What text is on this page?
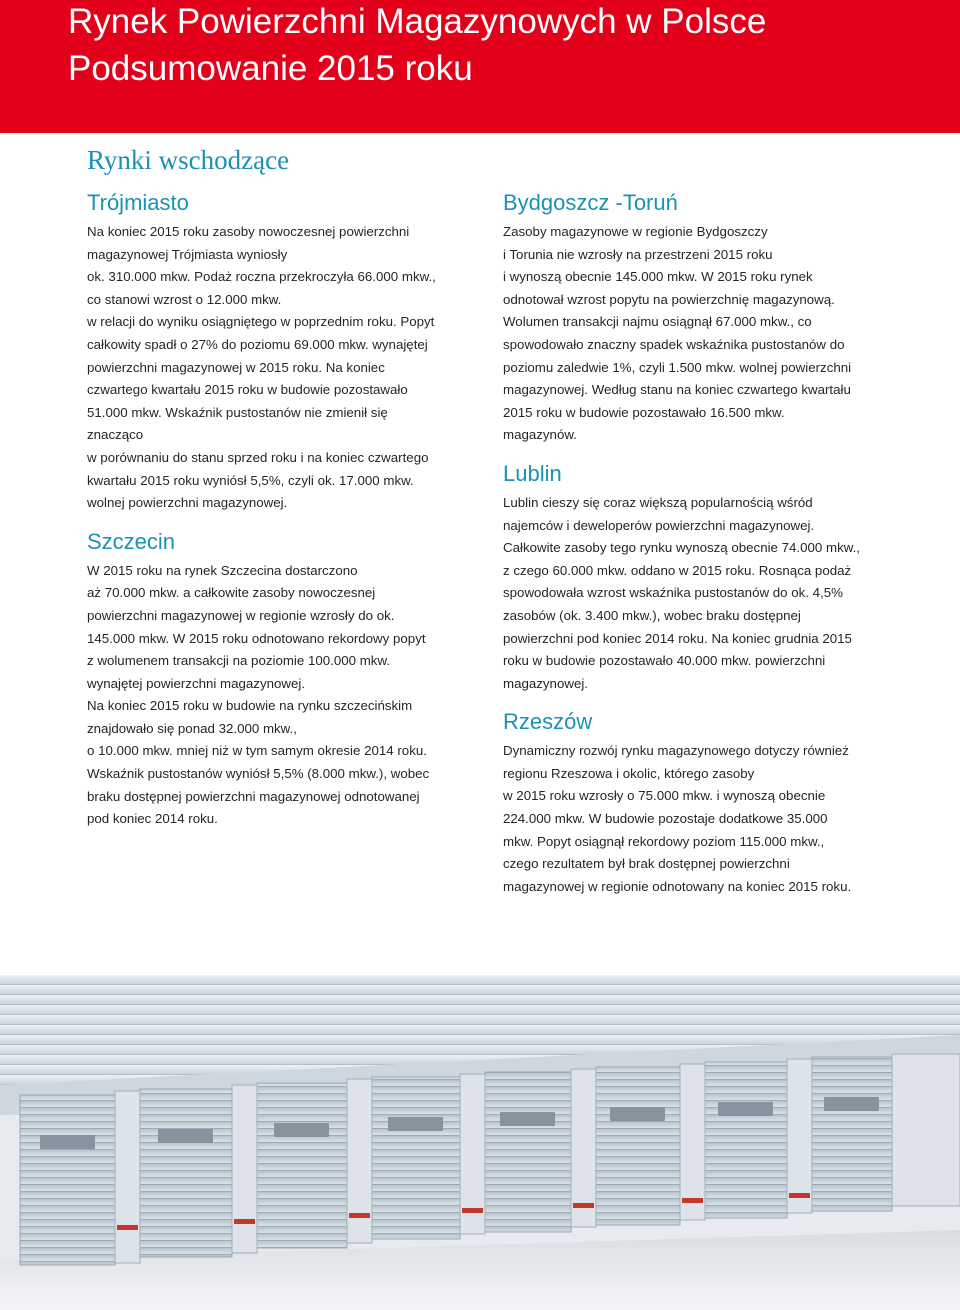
Rynek Powierzchni Magazynowych w Polsce
Podsumowanie 2015 roku
Rynki wschodzące
Trójmiasto
Na koniec 2015 roku zasoby nowoczesnej powierzchni
magazynowej Trójmiasta wyniosły
ok. 310.000 mkw. Podaż roczna przekroczyła 66.000 mkw.,
co stanowi wzrost o 12.000 mkw.
w relacji do wyniku osiągniętego w poprzednim roku. Popyt
całkowity spadł o 27% do poziomu 69.000 mkw. wynajętej
powierzchni magazynowej w 2015 roku. Na koniec
czwartego kwartału 2015 roku w budowie pozostawało
51.000 mkw. Wskaźnik pustostanów nie zmienił się
znacząco
w porównaniu do stanu sprzed roku i na koniec czwartego
kwartału 2015 roku wyniósł 5,5%, czyli ok. 17.000 mkw.
wolnej powierzchni magazynowej.
Szczecin
W 2015 roku na rynek Szczecina dostarczono
aż 70.000 mkw. a całkowite zasoby nowoczesnej
powierzchni magazynowej w regionie wzrosły do ok.
145.000 mkw. W 2015 roku odnotowano rekordowy popyt
z wolumenem transakcji na poziomie 100.000 mkw.
wynajętej powierzchni magazynowej.
Na koniec 2015 roku w budowie na rynku szczecińskim
znajdowało się ponad 32.000 mkw.,
o 10.000 mkw. mniej niż w tym samym okresie 2014 roku.
Wskaźnik pustostanów wyniósł 5,5% (8.000 mkw.), wobec
braku dostępnej powierzchni magazynowej odnotowanej
pod koniec 2014 roku.
Bydgoszcz -Toruń
Zasoby magazynowe w regionie Bydgoszczy
i Torunia nie wzrosły na przestrzeni 2015 roku
i wynoszą obecnie 145.000 mkw. W 2015 roku rynek
odnotował wzrost popytu na powierzchnię magazynową.
Wolumen transakcji najmu osiągnął 67.000 mkw., co
spowodowało znaczny spadek wskaźnika pustostanów do
poziomu zaledwie 1%, czyli 1.500 mkw. wolnej powierzchni
magazynowej. Według stanu na koniec czwartego kwartału
2015 roku w budowie pozostawało 16.500 mkw.
magazynów.
Lublin
Lublin cieszy się coraz większą popularnością wśród
najemców i deweloperów powierzchni magazynowej.
Całkowite zasoby tego rynku wynoszą obecnie 74.000 mkw.,
z czego 60.000 mkw. oddano w 2015 roku. Rosnąca podaż
spowodowała wzrost wskaźnika pustostanów do ok. 4,5%
zasobów (ok. 3.400 mkw.), wobec braku dostępnej
powierzchni pod koniec 2014 roku. Na koniec grudnia 2015
roku w budowie pozostawało 40.000 mkw. powierzchni
magazynowej.
Rzeszów
Dynamiczny rozwój rynku magazynowego dotyczy również
regionu Rzeszowa i okolic, którego zasoby
w 2015 roku wzrosły o 75.000 mkw. i wynoszą obecnie
224.000 mkw. W budowie pozostaje dodatkowe 35.000
mkw. Popyt osiągnął rekordowy poziom 115.000 mkw.,
czego rezultatem był brak dostępnej powierzchni
magazynowej w regionie odnotowany na koniec 2015 roku.
